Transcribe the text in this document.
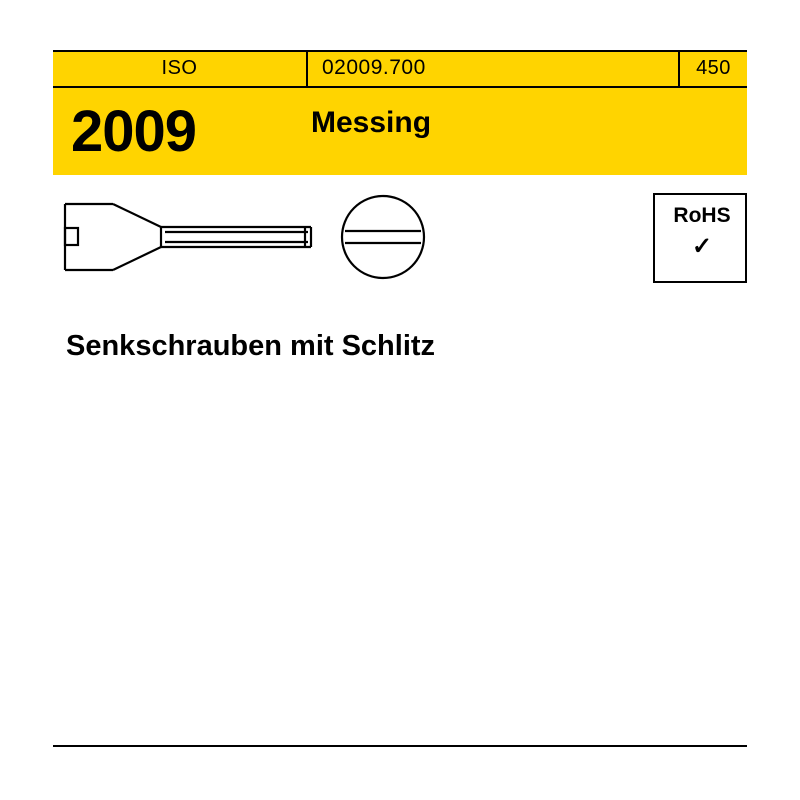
ISO	02009.700	450
2009	Messing
RoHS
✓
Senkschrauben mit Schlitz
